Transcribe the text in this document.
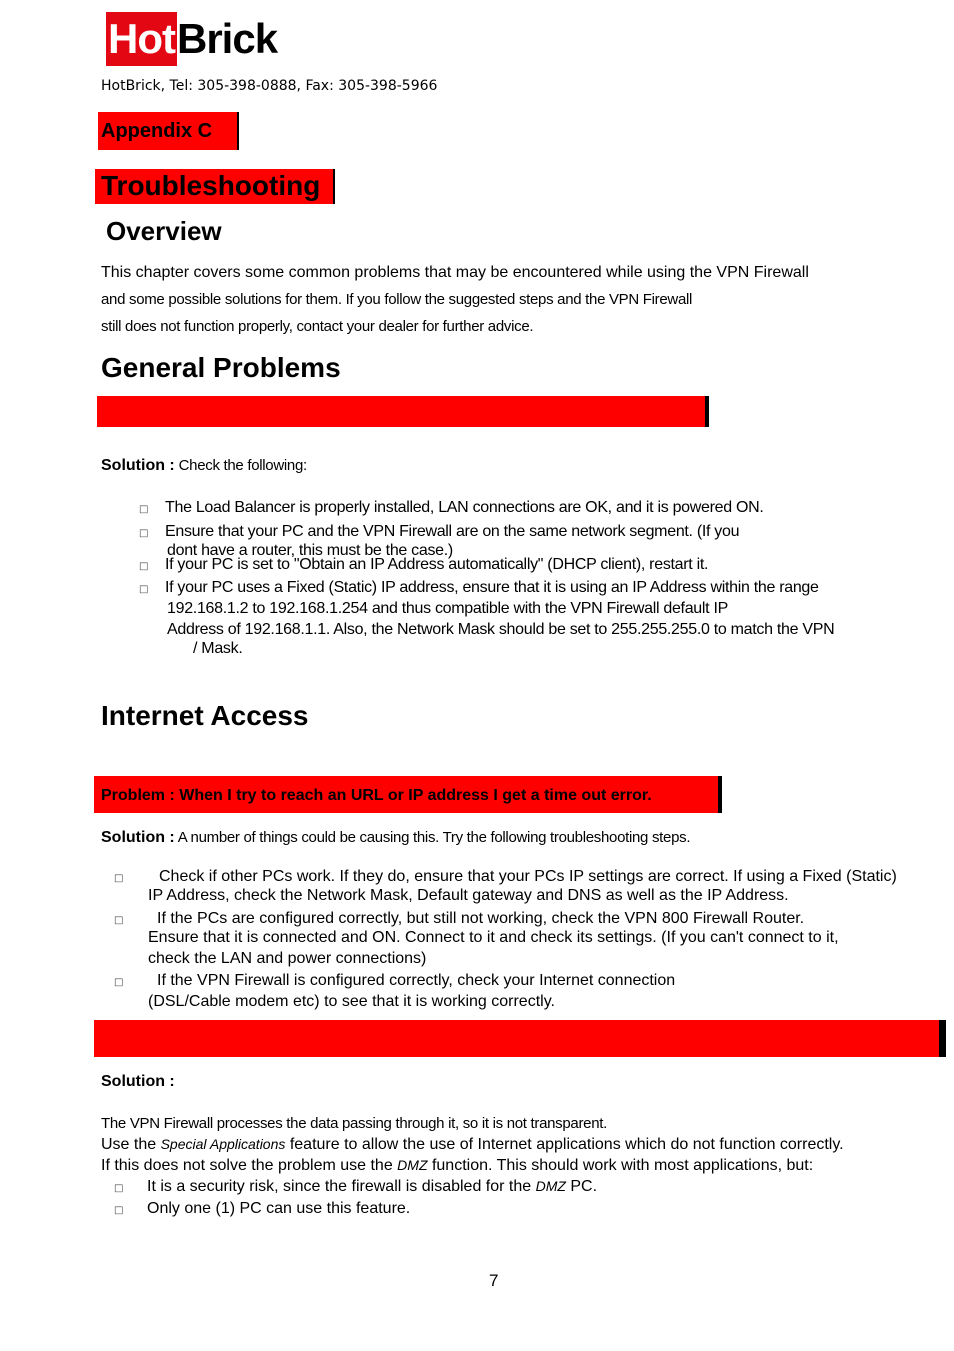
HotBrick
HotBrick, Tel: 305-398-0888, Fax: 305-398-5966
Appendix C
Troubleshooting
Overview
This chapter covers some common problems that may be encountered while using the VPN Firewall
and some possible solutions for them. If you follow the suggested steps and the VPN Firewall
still does not function properly, contact your dealer for further advice.
General Problems
Solution : Check the following:
□ The Load Balancer is properly installed, LAN connections are OK, and it is powered ON.
□ Ensure that your PC and the VPN Firewall are on the same network segment. (If you
dont have a router, this must be the case.)
□ If your PC is set to "Obtain an IP Address automatically" (DHCP client), restart it.
□ If your PC uses a Fixed (Static) IP address, ensure that it is using an IP Address within the range
192.168.1.2 to 192.168.1.254 and thus compatible with the VPN Firewall default IP
Address of 192.168.1.1. Also, the Network Mask should be set to 255.255.255.0 to match the VPN
/ Mask.
Internet Access
Problem : When I try to reach an URL or IP address I get a time out error.
Solution : A number of things could be causing this. Try the following troubleshooting steps.
□ Check if other PCs work. If they do, ensure that your PCs IP settings are correct. If using a Fixed (Static)
IP Address, check the Network Mask, Default gateway and DNS as well as the IP Address.
□ If the PCs are configured correctly, but still not working, check the VPN 800 Firewall Router.
Ensure that it is connected and ON. Connect to it and check its settings. (If you can't connect to it,
check the LAN and power connections)
□ If the VPN Firewall is configured correctly, check your Internet connection
(DSL/Cable modem etc) to see that it is working correctly.
Solution :
The VPN Firewall processes the data passing through it, so it is not transparent.
Use the Special Applications feature to allow the use of Internet applications which do not function correctly.
If this does not solve the problem use the DMZ function. This should work with most applications, but:
□ It is a security risk, since the firewall is disabled for the DMZ PC.
□ Only one (1) PC can use this feature.
7
